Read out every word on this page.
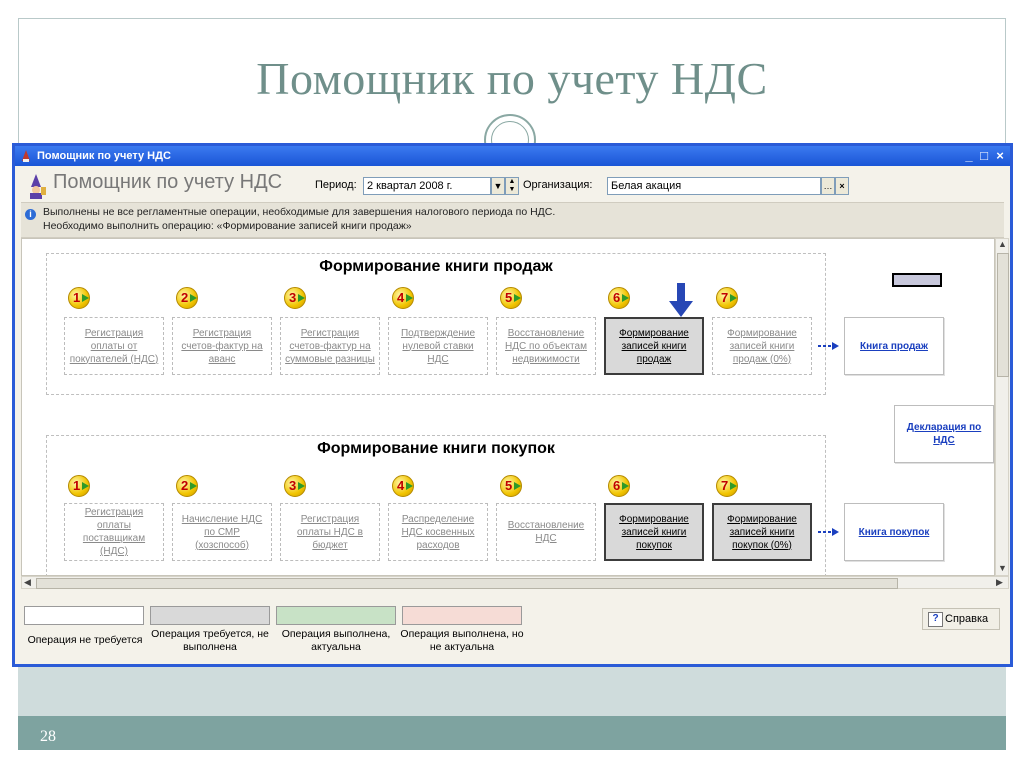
Помощник по учету НДС
28
Помощник по учету НДС	_ □ ×
Помощник по учету НДС	Период: 2 квартал 2008 г.	▼ ▲
▼ Организация:	Белая акация	… ×
i	Выполнены не все регламентные операции, необходимые для завершения налогового периода по НДС.
Необходимо выполнить операцию: «Формирование записей книги продаж»
Формирование книги продаж
Книга продаж
Декларация по НДС
Формирование книги покупок
Книга покупок
1
Регистрация оплаты от покупателей (НДС)
2
Регистрация счетов-фактур на аванс
3
Регистрация счетов-фактур на суммовые разницы
4
Подтверждение нулевой ставки НДС
5
Восстановление НДС по объектам недвижимости
6
Формирование записей книги продаж
7
Формирование записей книги продаж (0%)
1
Регистрация оплаты поставщикам (НДС)
2
Начисление НДС по СМР (хозспособ)
3
Регистрация оплаты НДС в бюджет
4
Распределение НДС косвенных расходов
5
Восстановление НДС
6
Формирование записей книги покупок
7
Формирование записей книги покупок (0%)
▲
▼
◀	▶
Операция не требуется Операция требуется, не выполнена
Операция выполнена, актуальна
Операция выполнена, но не актуальна
? Справка
